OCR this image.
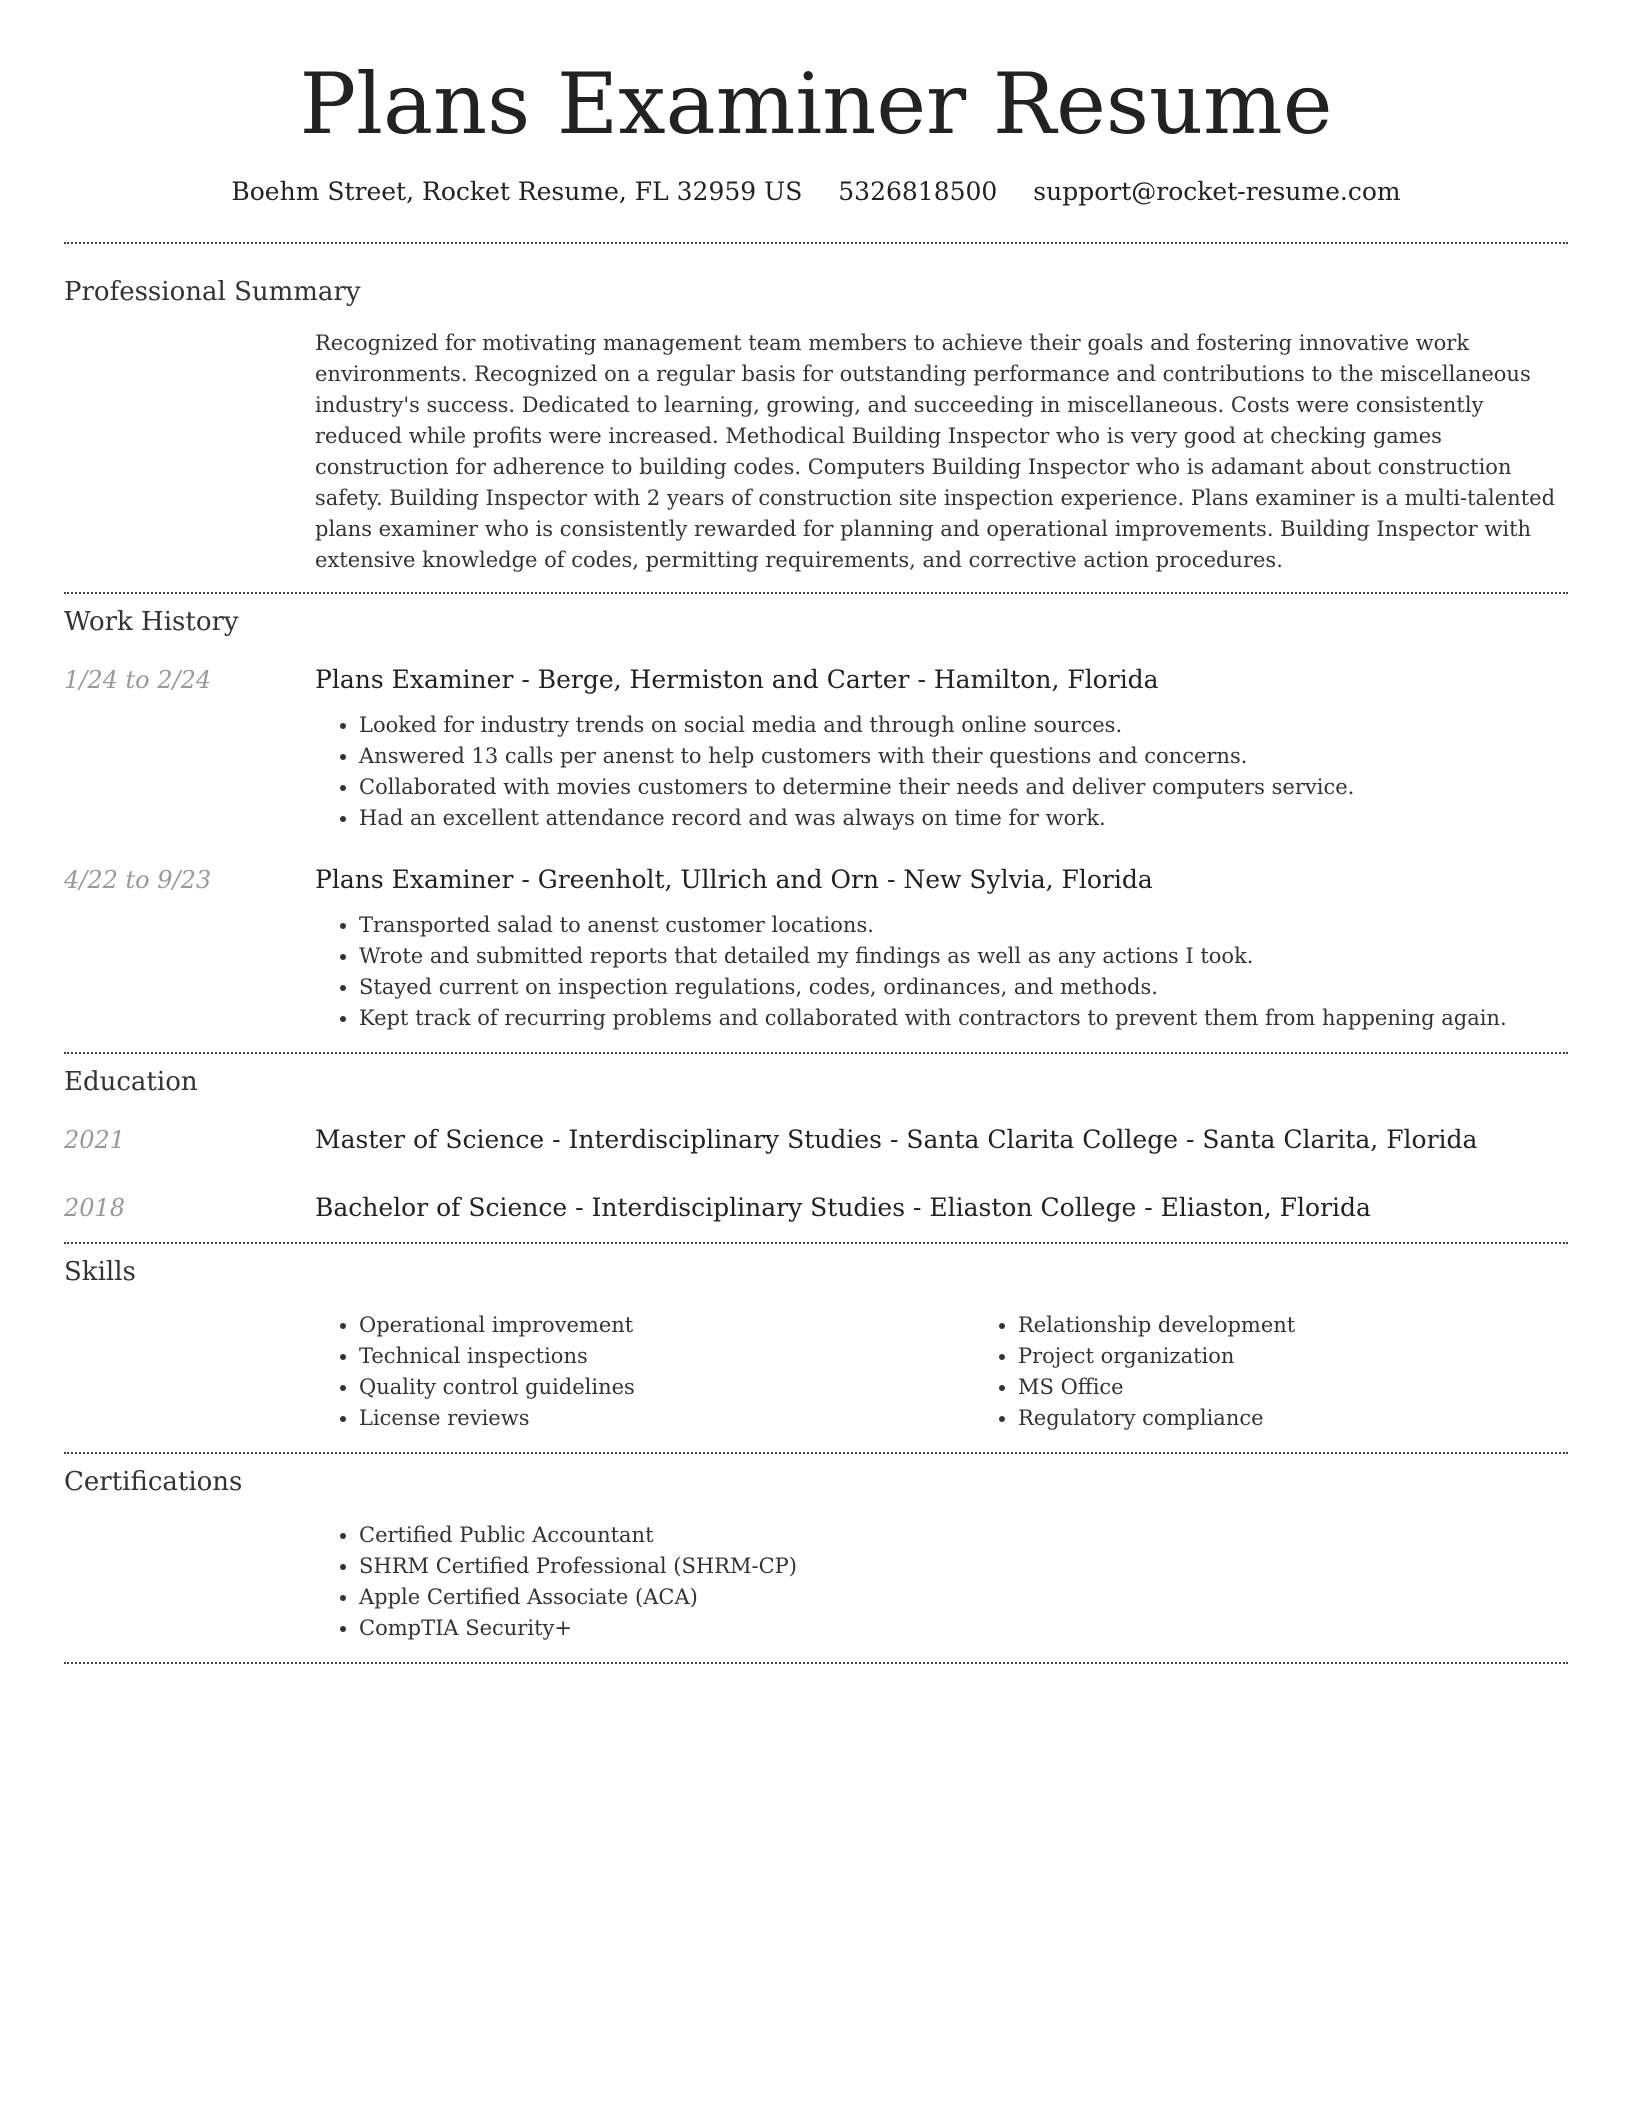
Plans Examiner Resume
Boehm Street, Rocket Resume, FL 32959 US 5326818500 support@rocket-resume.com
Professional Summary

Recognized for motivating management team members to achieve their goals and fostering innovative work environments. Recognized on a regular basis for outstanding performance and contributions to the miscellaneous industry's success. Dedicated to learning, growing, and succeeding in miscellaneous. Costs were consistently reduced while profits were increased. Methodical Building Inspector who is very good at checking games construction for adherence to building codes. Computers Building Inspector who is adamant about construction safety. Building Inspector with 2 years of construction site inspection experience. Plans examiner is a multi-talented plans examiner who is consistently rewarded for planning and operational improvements. Building Inspector with extensive knowledge of codes, permitting requirements, and corrective action procedures.

Work History
1/24 to 2/24	Plans Examiner - Berge, Hermiston and Carter - Hamilton, Florida
• Looked for industry trends on social media and through online sources.
• Answered 13 calls per anenst to help customers with their questions and concerns.
• Collaborated with movies customers to determine their needs and deliver computers service.
• Had an excellent attendance record and was always on time for work.
4/22 to 9/23	Plans Examiner - Greenholt, Ullrich and Orn - New Sylvia, Florida
• Transported salad to anenst customer locations.
• Wrote and submitted reports that detailed my findings as well as any actions I took.
• Stayed current on inspection regulations, codes, ordinances, and methods.
• Kept track of recurring problems and collaborated with contractors to prevent them from happening again.
Education
2021	Master of Science - Interdisciplinary Studies - Santa Clarita College - Santa Clarita, Florida
2018	Bachelor of Science - Interdisciplinary Studies - Eliaston College - Eliaston, Florida
Skills
• Operational improvement
• Technical inspections
• Quality control guidelines
• License reviews
• Relationship development
• Project organization
• MS Office
• Regulatory compliance
Certifications
• Certified Public Accountant
• SHRM Certified Professional (SHRM-CP)
• Apple Certified Associate (ACA)
• CompTIA Security+
